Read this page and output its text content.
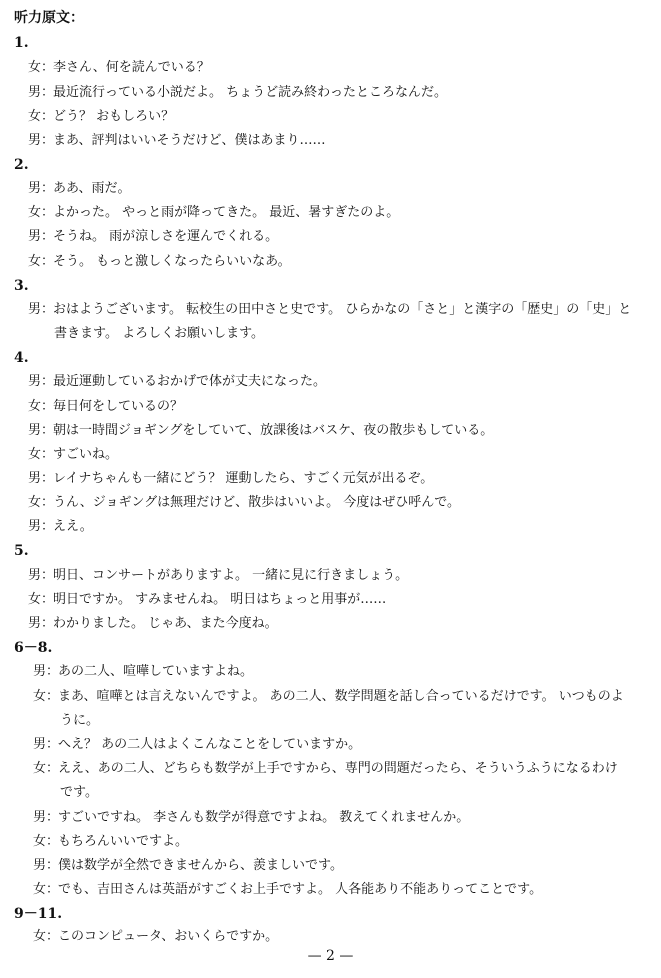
听力原文：
1.
女：李さん、何を読んでいる？
男：最近流行っている小説だよ。 ちょうど読み終わったところなんだ。
女：どう？ おもしろい？
男：まあ、評判はいいそうだけど、僕はあまり……
2.
男：ああ、雨だ。
女：よかった。 やっと雨が降ってきた。 最近、暑すぎたのよ。
男：そうね。 雨が涼しさを運んでくれる。
女：そう。 もっと激しくなったらいいなあ。
3.
男：おはようございます。 転校生の田中さと史です。 ひらかなの「さと」と漢字の「歴史」の「史」と
書きます。 よろしくお願いします。
4.
男：最近運動しているおかげで体が丈夫になった。
女：毎日何をしているの？
男：朝は一時間ジョギングをしていて、放課後はバスケ、夜の散歩もしている。
女：すごいね。
男：レイナちゃんも一緒にどう？ 運動したら、すごく元気が出るぞ。
女：うん、ジョギングは無理だけど、散歩はいいよ。 今度はぜひ呼んで。
男：ええ。
5.
男：明日、コンサートがありますよ。 一緒に見に行きましょう。
女：明日ですか。 すみませんね。 明日はちょっと用事が……
男：わかりました。 じゃあ、また今度ね。
6－8.
男：あの二人、喧嘩していますよね。
女：まあ、喧嘩とは言えないんですよ。 あの二人、数学問題を話し合っているだけです。 いつものよ
うに。
男：へえ？ あの二人はよくこんなことをしていますか。
女：ええ、あの二人、どちらも数学が上手ですから、専門の問題だったら、そういうふうになるわけ
です。
男：すごいですね。 李さんも数学が得意ですよね。 教えてくれませんか。
女：もちろんいいですよ。
男：僕は数学が全然できませんから、羨ましいです。
女：でも、吉田さんは英語がすごくお上手ですよ。 人各能あり不能ありってことです。
9－11.
女：このコンピュータ、おいくらですか。
— 2 —
